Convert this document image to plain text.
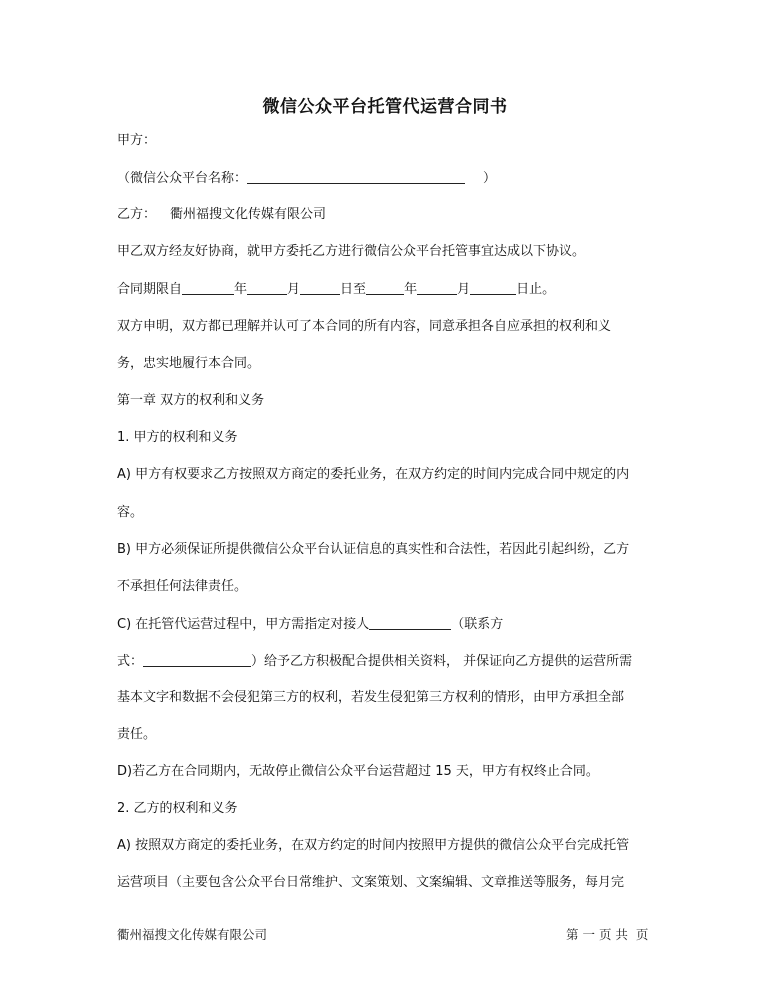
微信公众平台托管代运营合同书
甲方：
（微信公众平台名称：	）
乙方： 衢州福搜文化传媒有限公司
甲乙双方经友好协商，就甲方委托乙方进行微信公众平台托管事宜达成以下协议。
合同期限自	年	月	日至	年	月	日止。
双方申明，双方都已理解并认可了本合同的所有内容，同意承担各自应承担的权利和义
务，忠实地履行本合同。
第一章 双方的权利和义务
1. 甲方的权利和义务
A) 甲方有权要求乙方按照双方商定的委托业务，在双方约定的时间内完成合同中规定的内
容。
B) 甲方必须保证所提供微信公众平台认证信息的真实性和合法性，若因此引起纠纷，乙方
不承担任何法律责任。
C) 在托管代运营过程中，甲方需指定对接人	（联系方
式：	）给予乙方积极配合提供相关资料， 并保证向乙方提供的运营所需
基本文字和数据不会侵犯第三方的权利，若发生侵犯第三方权利的情形，由甲方承担全部
责任。
D)若乙方在合同期内，无故停止微信公众平台运营超过 15 天，甲方有权终止合同。
2. 乙方的权利和义务
A) 按照双方商定的委托业务，在双方约定的时间内按照甲方提供的微信公众平台完成托管
运营项目（主要包含公众平台日常维护、文案策划、文案编辑、文章推送等服务，每月完
衢州福搜文化传媒有限公司	第 一 页 共  页
